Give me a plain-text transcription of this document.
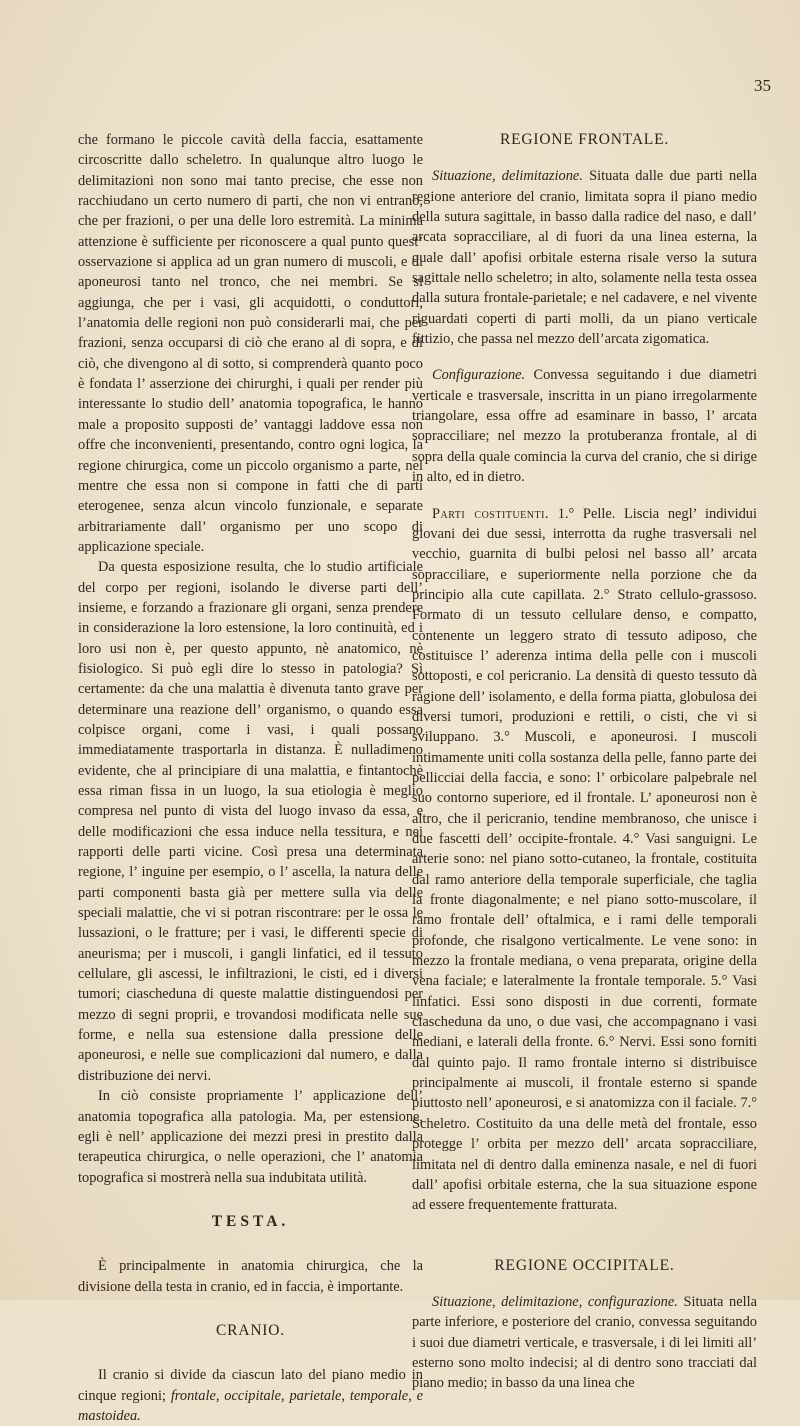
35

che formano le piccole cavità della faccia, esattamente circoscritte dallo scheletro. In qualunque altro luogo le delimitazioni non sono mai tanto precise, che esse non racchiudano un certo numero di parti, che non vi entrano, che per frazioni, o per una delle loro estremità. La minima attenzione è sufficiente per riconoscere a qual punto quest’ osservazione si applica ad un gran numero di muscoli, e di aponeurosi tanto nel tronco, che nei membri. Se si aggiunga, che per i vasi, gli acquidotti, o conduttori, l’anatomia delle regioni non può considerarli mai, che per frazioni, senza occuparsi di ciò che erano al di sopra, e di ciò, che divengono al di sotto, si comprenderà quanto poco è fondata l’ asserzione dei chirurghi, i quali per render più interessante lo studio dell’ anatomia topografica, le hanno male a proposito supposti de’ vantaggi laddove essa non offre che inconvenienti, presentando, contro ogni logica, la regione chirurgica, come un piccolo organismo a parte, nel mentre che essa non si compone in fatti che di parti eterogenee, senza alcun vincolo funzionale, e separate arbitrariamente dall’ organismo per uno scopo di applicazione speciale.

Da questa esposizione resulta, che lo studio artificiale del corpo per regioni, isolando le diverse parti dell’ insieme, e forzando a frazionare gli organi, senza prendere in considerazione la loro estensione, la loro continuità, ed i loro usi non è, per questo appunto, nè anatomico, nè fisiologico. Si può egli dire lo stesso in patologia? Sì certamente: da che una malattia è divenuta tanto grave per determinare una reazione dell’ organismo, o quando essa colpisce organi, come i vasi, i quali possano immediatamente trasportarla in distanza. È nulladimeno evidente, che al principiare di una malattia, e fintantochè essa riman fissa in un luogo, la sua etiologia è meglio compresa nel punto di vista del luogo invaso da essa, e delle modificazioni che essa induce nella tessitura, e nei rapporti delle parti vicine. Così presa una determinata regione, l’ inguine per esempio, o l’ ascella, la natura delle parti componenti basta già per mettere sulla via delle speciali malattie, che vi si potran riscontrare: per le ossa le lussazioni, o le fratture; per i vasi, le differenti specie di aneurisma; per i muscoli, i gangli linfatici, ed il tessuto cellulare, gli ascessi, le infiltrazioni, le cisti, ed i diversi tumori; ciascheduna di queste malattie distinguendosi per mezzo di segni proprii, e trovandosi modificata nelle sue forme, e nella sua estensione dalla pressione delle aponeurosi, e nelle sue complicazioni dal numero, e dalla distribuzione dei nervi.

In ciò consiste propriamente l’ applicazione dell’ anatomia topografica alla patologia. Ma, per estensione, egli è nell’ applicazione dei mezzi presi in prestito dalla terapeutica chirurgica, o nelle operazioni, che l’ anatomia topografica si mostrerà nella sua indubitata utilità.

TESTA.

È principalmente in anatomia chirurgica, che la divisione della testa in cranio, ed in faccia, è importante.

CRANIO.

Il cranio si divide da ciascun lato del piano medio in cinque regioni; frontale, occipitale, parietale, temporale, e mastoidea.

REGIONE FRONTALE.

Situazione, delimitazione. Situata dalle due parti nella regione anteriore del cranio, limitata sopra il piano medio della sutura sagittale, in basso dalla radice del naso, e dall’ arcata sopracciliare, al di fuori da una linea esterna, la quale dall’ apofisi orbitale esterna risale verso la sutura sagittale nello scheletro; in alto, solamente nella testa ossea dalla sutura frontale-parietale; e nel cadavere, e nel vivente riguardati coperti di parti molli, da un piano verticale fittizio, che passa nel mezzo dell’arcata zigomatica.

Configurazione. Convessa seguitando i due diametri verticale e trasversale, inscritta in un piano irregolarmente triangolare, essa offre ad esaminare in basso, l’ arcata sopracciliare; nel mezzo la protuberanza frontale, al di sopra della quale comincia la curva del cranio, che si dirige in alto, ed in dietro.

Parti costituenti. 1.° Pelle. Liscia negl’ individui giovani dei due sessi, interrotta da rughe trasversali nel vecchio, guarnita di bulbi pelosi nel basso all’ arcata sopracciliare, e superiormente nella porzione che da principio alla cute capillata. 2.° Strato cellulo-grassoso. Formato di un tessuto cellulare denso, e compatto, contenente un leggero strato di tessuto adiposo, che costituisce l’ aderenza intima della pelle con i muscoli sottoposti, e col pericranio. La densità di questo tessuto dà ragione dell’ isolamento, e della forma piatta, globulosa dei diversi tumori, produzioni e rettili, o cisti, che vi si sviluppano. 3.° Muscoli, e aponeurosi. I muscoli intimamente uniti colla sostanza della pelle, fanno parte dei pellicciai della faccia, e sono: l’ orbicolare palpebrale nel suo contorno superiore, ed il frontale. L’ aponeurosi non è altro, che il pericranio, tendine membranoso, che unisce i due fascetti dell’ occipite-frontale. 4.° Vasi sanguigni. Le arterie sono: nel piano sotto-cutaneo, la frontale, costituita dal ramo anteriore della temporale superficiale, che taglia la fronte diagonalmente; e nel piano sotto-muscolare, il ramo frontale dell’ oftalmica, e i rami delle temporali profonde, che risalgono verticalmente. Le vene sono: in mezzo la frontale mediana, o vena preparata, origine della vena faciale; e lateralmente la frontale temporale. 5.° Vasi linfatici. Essi sono disposti in due correnti, formate ciascheduna da uno, o due vasi, che accompagnano i vasi mediani, e laterali della fronte. 6.° Nervi. Essi sono forniti dal quinto pajo. Il ramo frontale interno si distribuisce principalmente ai muscoli, il frontale esterno si spande piuttosto nell’ aponeurosi, e si anatomizza con il faciale. 7.° Scheletro. Costituito da una delle metà del frontale, esso protegge l’ orbita per mezzo dell’ arcata sopracciliare, limitata nel di dentro dalla eminenza nasale, e nel di fuori dall’ apofisi orbitale esterna, che la sua situazione espone ad essere frequentemente fratturata.

REGIONE OCCIPITALE.

Situazione, delimitazione, configurazione. Situata nella parte inferiore, e posteriore del cranio, convessa seguitando i suoi due diametri verticale, e trasversale, i di lei limiti all’ esterno sono molto indecisi; al di dentro sono tracciati dal piano medio; in basso da una linea che
